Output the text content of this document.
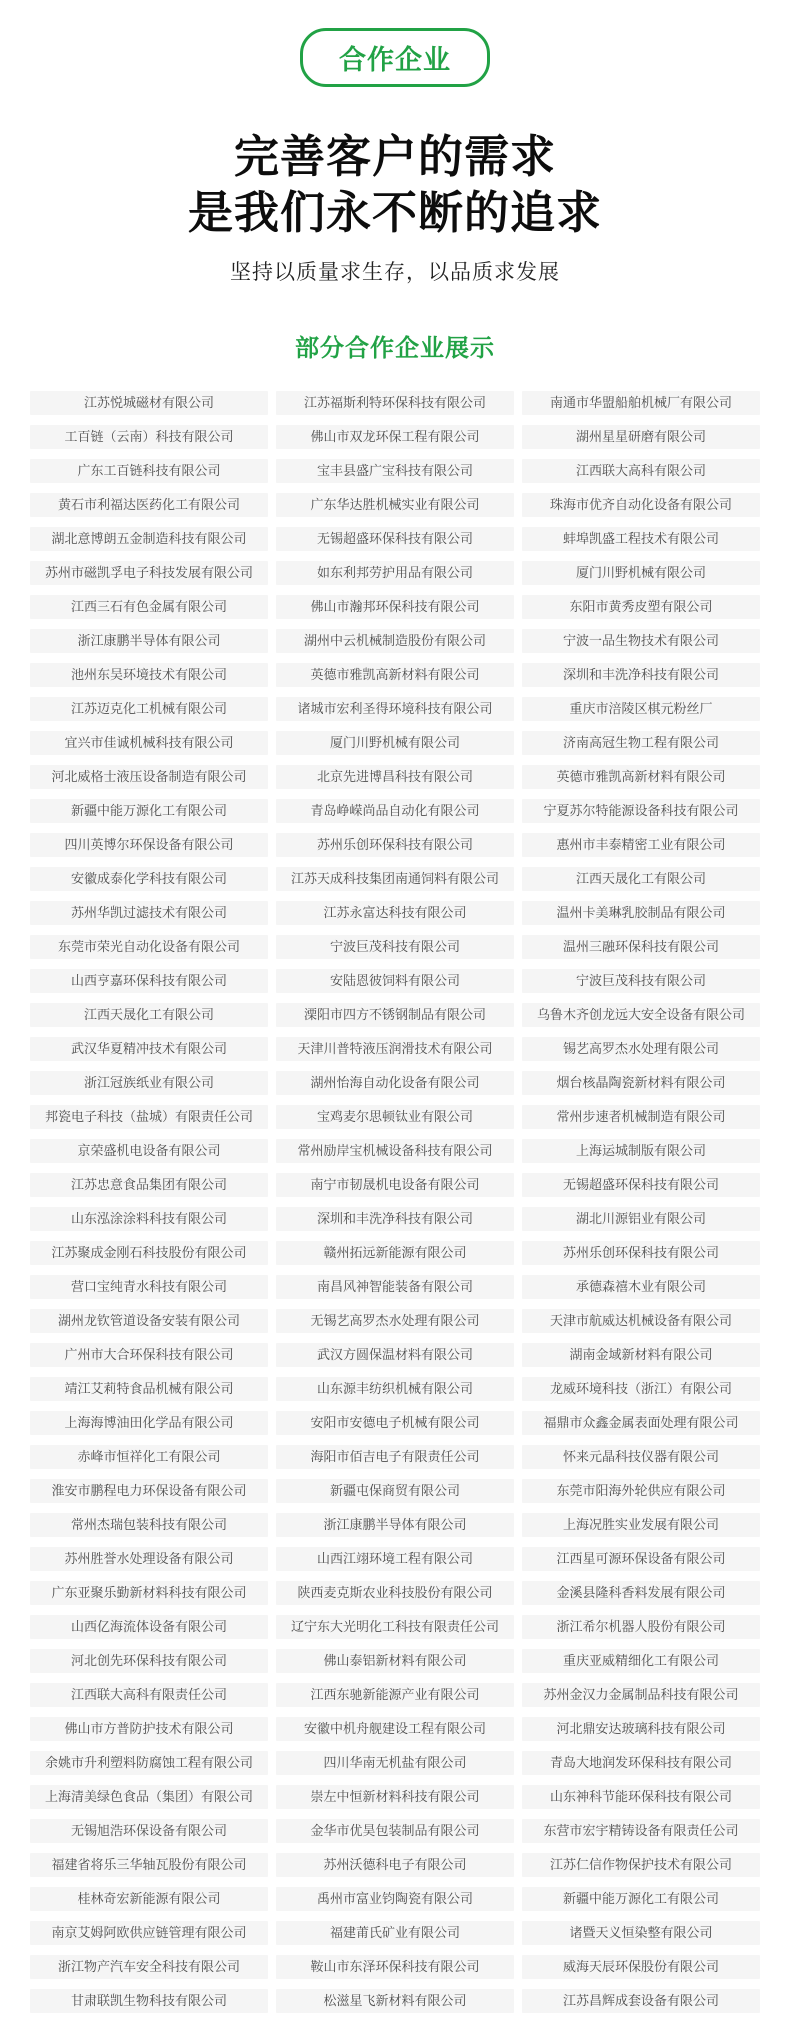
合作企业
完善客户的需求
是我们永不断的追求
坚持以质量求生存，以品质求发展
部分合作企业展示
江苏悦城磁材有限公司	江苏福斯利特环保科技有限公司	南通市华盟船舶机械厂有限公司
工百链（云南）科技有限公司	佛山市双龙环保工程有限公司	湖州星星研磨有限公司
广东工百链科技有限公司	宝丰县盛广宝科技有限公司	江西联大高科有限公司
黄石市利福达医药化工有限公司	广东华达胜机械实业有限公司	珠海市优齐自动化设备有限公司
湖北意博朗五金制造科技有限公司	无锡超盛环保科技有限公司	蚌埠凯盛工程技术有限公司
苏州市磁凯孚电子科技发展有限公司	如东利邦劳护用品有限公司	厦门川野机械有限公司
江西三石有色金属有限公司	佛山市瀚邦环保科技有限公司	东阳市黄秀皮塑有限公司
浙江康鹏半导体有限公司	湖州中云机械制造股份有限公司	宁波一品生物技术有限公司
池州东吴环境技术有限公司	英德市雅凯高新材料有限公司	深圳和丰洗净科技有限公司
江苏迈克化工机械有限公司	诸城市宏利圣得环境科技有限公司	重庆市涪陵区棋元粉丝厂
宜兴市佳诚机械科技有限公司	厦门川野机械有限公司	济南高冠生物工程有限公司
河北威格士液压设备制造有限公司	北京先进博昌科技有限公司	英德市雅凯高新材料有限公司
新疆中能万源化工有限公司	青岛峥嵘尚品自动化有限公司	宁夏苏尔特能源设备科技有限公司
四川英博尔环保设备有限公司	苏州乐创环保科技有限公司	惠州市丰泰精密工业有限公司
安徽成泰化学科技有限公司	江苏天成科技集团南通饲料有限公司	江西天晟化工有限公司
苏州华凯过滤技术有限公司	江苏永富达科技有限公司	温州卡美琳乳胶制品有限公司
东莞市荣光自动化设备有限公司	宁波巨茂科技有限公司	温州三融环保科技有限公司
山西亨嘉环保科技有限公司	安陆恩彼饲料有限公司	宁波巨茂科技有限公司
江西天晟化工有限公司	溧阳市四方不锈钢制品有限公司	乌鲁木齐创龙远大安全设备有限公司
武汉华夏精冲技术有限公司	天津川普特液压润滑技术有限公司	锡艺高罗杰水处理有限公司
浙江冠族纸业有限公司	湖州怡海自动化设备有限公司	烟台核晶陶瓷新材料有限公司
邦瓷电子科技（盐城）有限责任公司	宝鸡麦尔思顿钛业有限公司	常州步速者机械制造有限公司
京荣盛机电设备有限公司	常州励岸宝机械设备科技有限公司	上海运城制版有限公司
江苏忠意食品集团有限公司	南宁市韧晟机电设备有限公司	无锡超盛环保科技有限公司
山东泓涂涂料科技有限公司	深圳和丰洗净科技有限公司	湖北川源铝业有限公司
江苏聚成金刚石科技股份有限公司	赣州拓远新能源有限公司	苏州乐创环保科技有限公司
营口宝纯青水科技有限公司	南昌风神智能装备有限公司	承德森禧木业有限公司
湖州龙钦管道设备安装有限公司	无锡艺高罗杰水处理有限公司	天津市航威达机械设备有限公司
广州市大合环保科技有限公司	武汉方圆保温材料有限公司	湖南金域新材料有限公司
靖江艾莉特食品机械有限公司	山东源丰纺织机械有限公司	龙威环境科技（浙江）有限公司
上海海博油田化学品有限公司	安阳市安德电子机械有限公司	福鼎市众鑫金属表面处理有限公司
赤峰市恒祥化工有限公司	海阳市佰吉电子有限责任公司	怀来元晶科技仪器有限公司
淮安市鹏程电力环保设备有限公司	新疆屯保商贸有限公司	东莞市阳海外轮供应有限公司
常州杰瑞包装科技有限公司	浙江康鹏半导体有限公司	上海况胜实业发展有限公司
苏州胜誉水处理设备有限公司	山西江翊环境工程有限公司	江西星可源环保设备有限公司
广东亚聚乐勤新材料科技有限公司	陕西麦克斯农业科技股份有限公司	金溪县隆科香料发展有限公司
山西亿海流体设备有限公司	辽宁东大光明化工科技有限责任公司	浙江希尔机器人股份有限公司
河北创先环保科技有限公司	佛山泰铝新材料有限公司	重庆亚威精细化工有限公司
江西联大高科有限责任公司	江西东驰新能源产业有限公司	苏州金汉力金属制品科技有限公司
佛山市方普防护技术有限公司	安徽中机舟舰建设工程有限公司	河北鼎安达玻璃科技有限公司
余姚市升利塑料防腐蚀工程有限公司	四川华南无机盐有限公司	青岛大地润发环保科技有限公司
上海清美绿色食品（集团）有限公司	崇左中恒新材料科技有限公司	山东神科节能环保科技有限公司
无锡旭浩环保设备有限公司	金华市优昊包装制品有限公司	东营市宏宇精铸设备有限责任公司
福建省将乐三华轴瓦股份有限公司	苏州沃德科电子有限公司	江苏仁信作物保护技术有限公司
桂林奇宏新能源有限公司	禹州市富业钧陶瓷有限公司	新疆中能万源化工有限公司
南京艾姆阿欧供应链管理有限公司	福建莆氏矿业有限公司	诸暨天义恒染整有限公司
浙江物产汽车安全科技有限公司	鞍山市东泽环保科技有限公司	威海天辰环保股份有限公司
甘肃联凯生物科技有限公司	松滋星飞新材料有限公司	江苏昌辉成套设备有限公司
